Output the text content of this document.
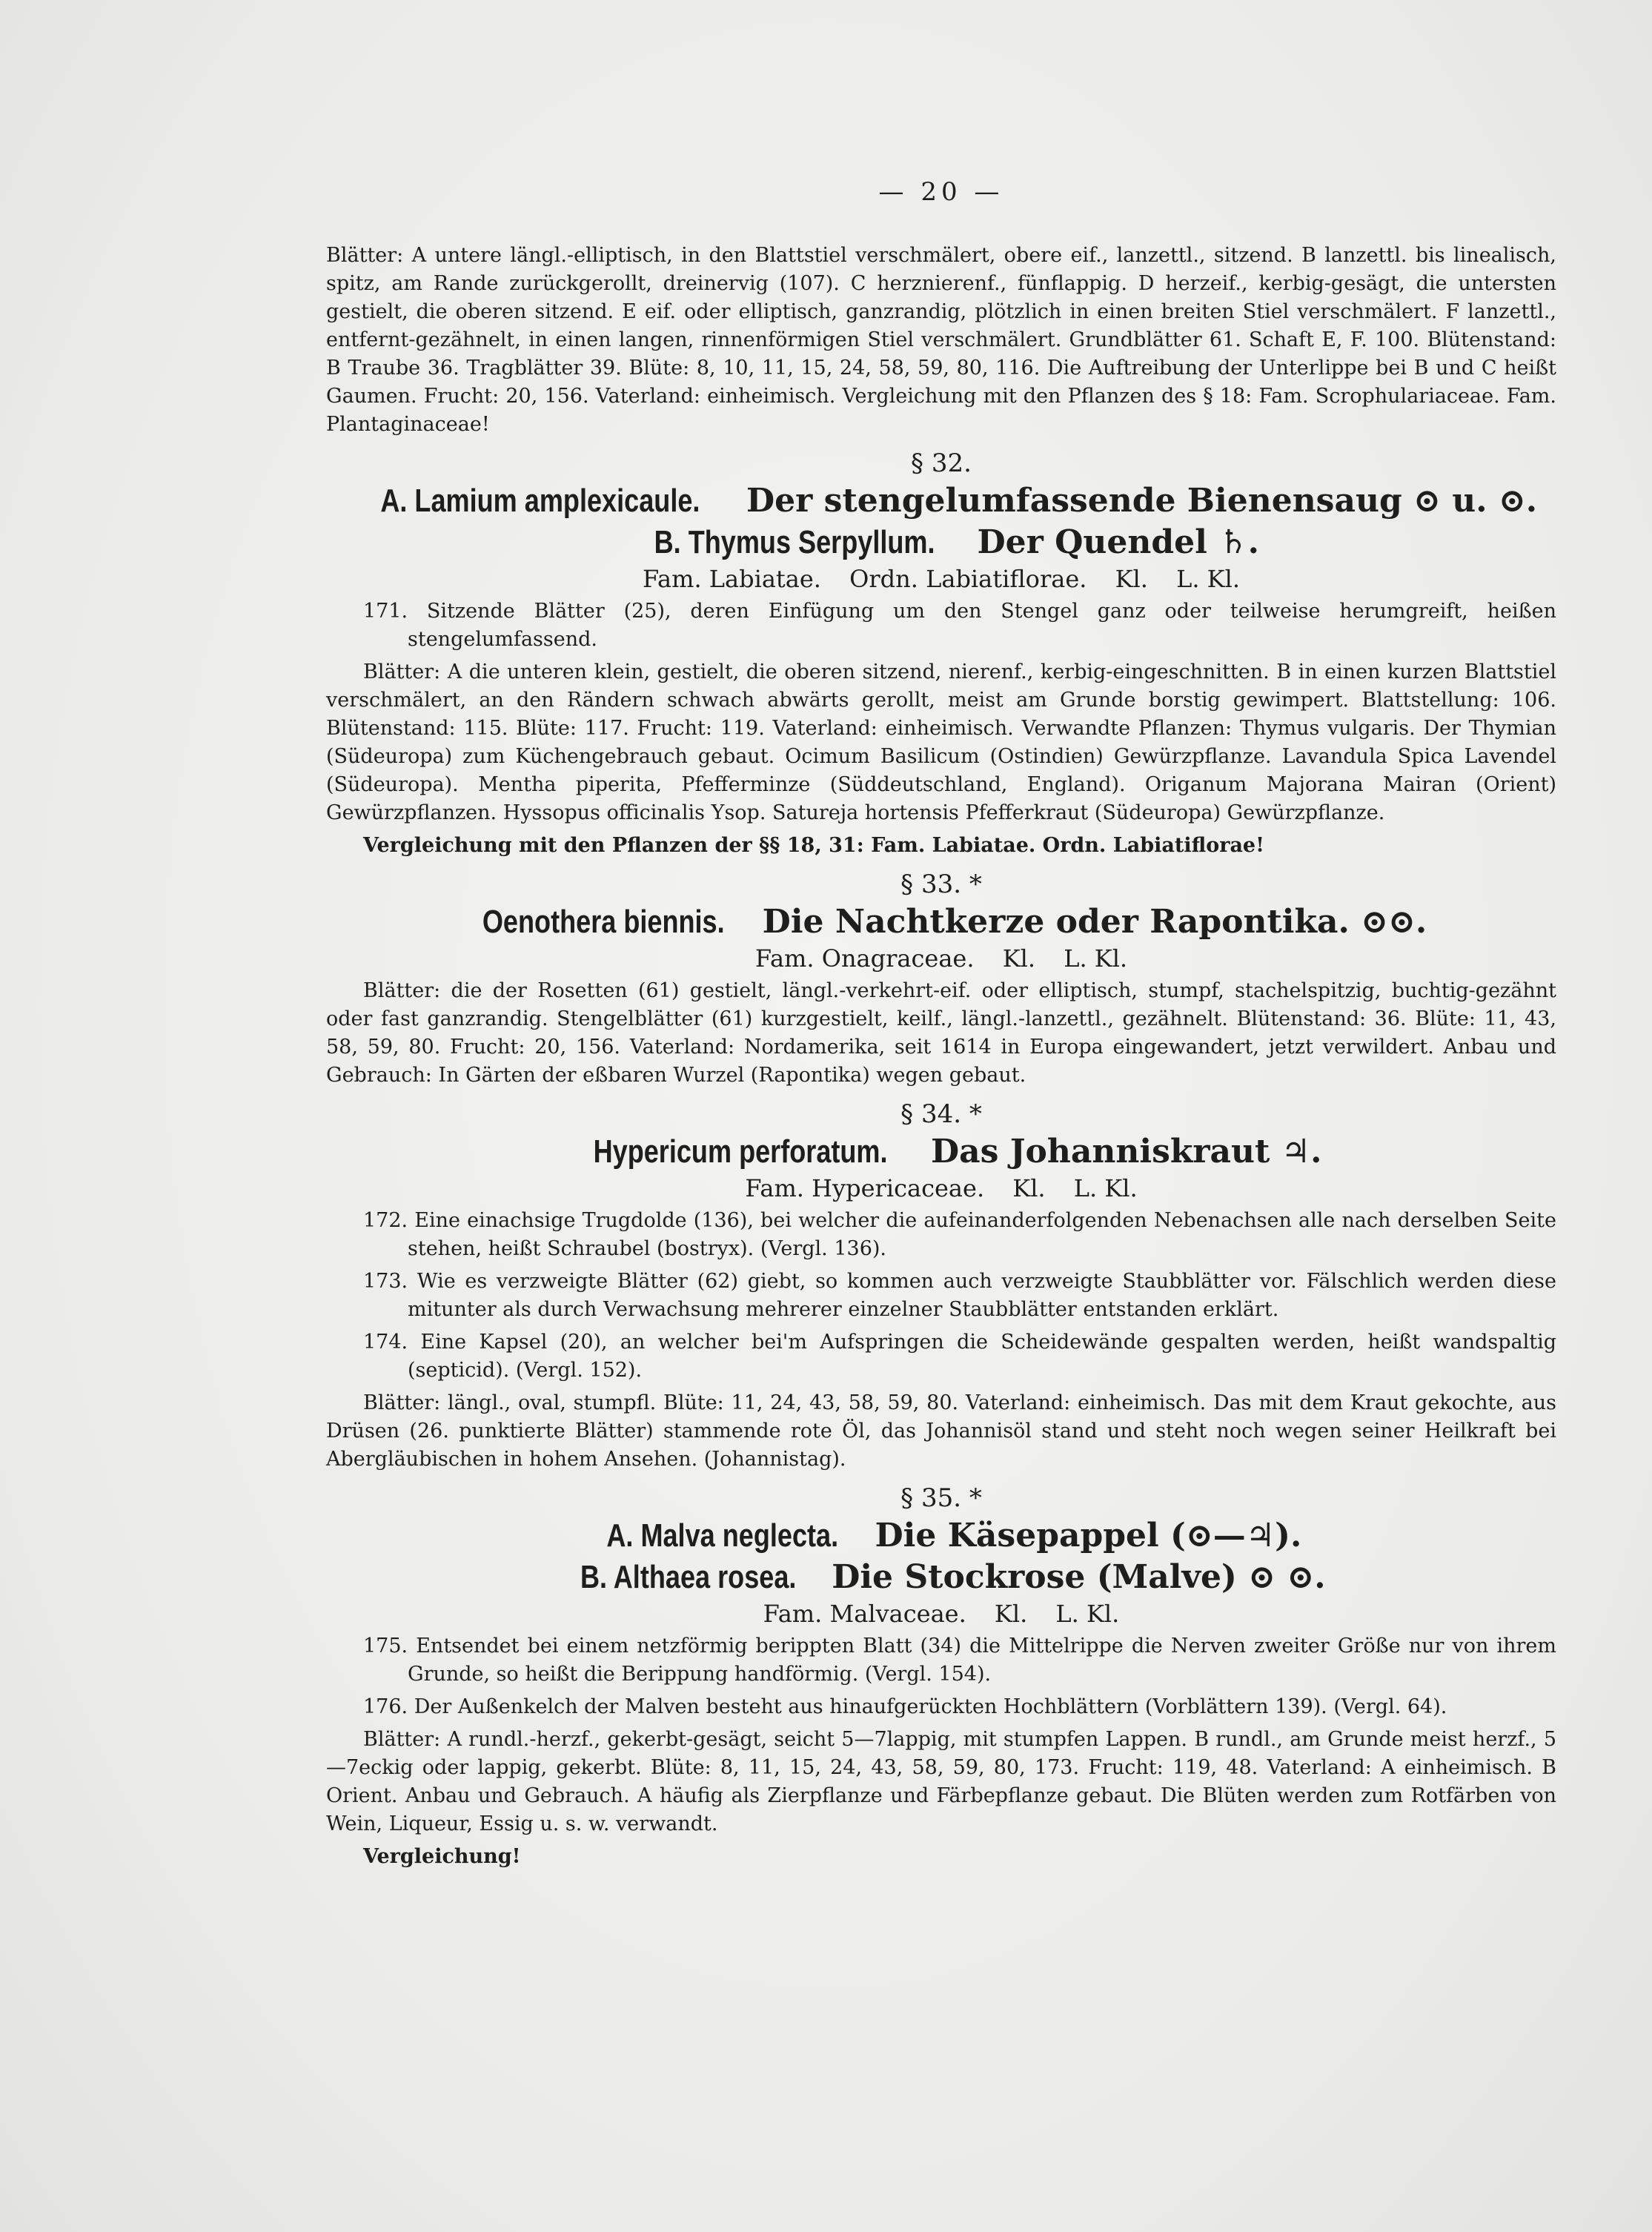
— 20 —

Blätter: A untere längl.-elliptisch, in den Blattstiel verschmälert, obere eif., lanzettl., sitzend. B lanzettl. bis linealisch, spitz, am Rande zurückgerollt, dreinervig (107). C herznierenf., fünflappig. D herzeif., kerbig-gesägt, die untersten gestielt, die oberen sitzend. E eif. oder elliptisch, ganzrandig, plötzlich in einen breiten Stiel verschmälert. F lanzettl., entfernt-gezähnelt, in einen langen, rinnenförmigen Stiel verschmälert. Grundblätter 61. Schaft E, F. 100. Blütenstand: B Traube 36. Tragblätter 39. Blüte: 8, 10, 11, 15, 24, 58, 59, 80, 116. Die Auftreibung der Unterlippe bei B und C heißt Gaumen. Frucht: 20, 156. Vaterland: einheimisch. Vergleichung mit den Pflanzen des § 18: Fam. Scrophulariaceae. Fam. Plantaginaceae!

§ 32.
A. Lamium amplexicaule. Der stengelumfassende Bienensaug ⊙ u. ⊙.
B. Thymus Serpyllum. Der Quendel ♄.
Fam. Labiatae. Ordn. Labiatiflorae. Kl. L. Kl.

171. Sitzende Blätter (25), deren Einfügung um den Stengel ganz oder teilweise herumgreift, heißen stengelumfassend.

Blätter: A die unteren klein, gestielt, die oberen sitzend, nierenf., kerbig-eingeschnitten. B in einen kurzen Blattstiel verschmälert, an den Rändern schwach abwärts gerollt, meist am Grunde borstig gewimpert. Blattstellung: 106. Blütenstand: 115. Blüte: 117. Frucht: 119. Vaterland: einheimisch. Verwandte Pflanzen: Thymus vulgaris. Der Thymian (Südeuropa) zum Küchengebrauch gebaut. Ocimum Basilicum (Ostindien) Gewürzpflanze. Lavandula Spica Lavendel (Südeuropa). Mentha piperita, Pfefferminze (Süddeutschland, England). Origanum Majorana Mairan (Orient) Gewürzpflanzen. Hyssopus officinalis Ysop. Satureja hortensis Pfefferkraut (Südeuropa) Gewürzpflanze.

Vergleichung mit den Pflanzen der §§ 18, 31: Fam. Labiatae. Ordn. Labiatiflorae!

§ 33. *
Oenothera biennis. Die Nachtkerze oder Rapontika. ⊙⊙.
Fam. Onagraceae. Kl. L. Kl.

Blätter: die der Rosetten (61) gestielt, längl.-verkehrt-eif. oder elliptisch, stumpf, stachelspitzig, buchtig-gezähnt oder fast ganzrandig. Stengelblätter (61) kurzgestielt, keilf., längl.-lanzettl., gezähnelt. Blütenstand: 36. Blüte: 11, 43, 58, 59, 80. Frucht: 20, 156. Vaterland: Nordamerika, seit 1614 in Europa eingewandert, jetzt verwildert. Anbau und Gebrauch: In Gärten der eßbaren Wurzel (Rapontika) wegen gebaut.

§ 34. *
Hypericum perforatum. Das Johanniskraut ♃.
Fam. Hypericaceae. Kl. L. Kl.

172. Eine einachsige Trugdolde (136), bei welcher die aufeinanderfolgenden Nebenachsen alle nach derselben Seite stehen, heißt Schraubel (bostryx). (Vergl. 136).

173. Wie es verzweigte Blätter (62) giebt, so kommen auch verzweigte Staubblätter vor. Fälschlich werden diese mitunter als durch Verwachsung mehrerer einzelner Staubblätter entstanden erklärt.

174. Eine Kapsel (20), an welcher bei'm Aufspringen die Scheidewände gespalten werden, heißt wandspaltig (septicid). (Vergl. 152).

Blätter: längl., oval, stumpfl. Blüte: 11, 24, 43, 58, 59, 80. Vaterland: einheimisch. Das mit dem Kraut gekochte, aus Drüsen (26. punktierte Blätter) stammende rote Öl, das Johannisöl stand und steht noch wegen seiner Heilkraft bei Abergläubischen in hohem Ansehen. (Johannistag).

§ 35. *
A. Malva neglecta. Die Käsepappel (⊙—♃).
B. Althaea rosea. Die Stockrose (Malve) ⊙ ⊙.
Fam. Malvaceae. Kl. L. Kl.

175. Entsendet bei einem netzförmig berippten Blatt (34) die Mittelrippe die Nerven zweiter Größe nur von ihrem Grunde, so heißt die Berippung handförmig. (Vergl. 154).

176. Der Außenkelch der Malven besteht aus hinaufgerückten Hochblättern (Vorblättern 139). (Vergl. 64).

Blätter: A rundl.-herzf., gekerbt-gesägt, seicht 5—7lappig, mit stumpfen Lappen. B rundl., am Grunde meist herzf., 5—7eckig oder lappig, gekerbt. Blüte: 8, 11, 15, 24, 43, 58, 59, 80, 173. Frucht: 119, 48. Vaterland: A einheimisch. B Orient. Anbau und Gebrauch. A häufig als Zierpflanze und Färbepflanze gebaut. Die Blüten werden zum Rotfärben von Wein, Liqueur, Essig u. s. w. verwandt.

Vergleichung!
